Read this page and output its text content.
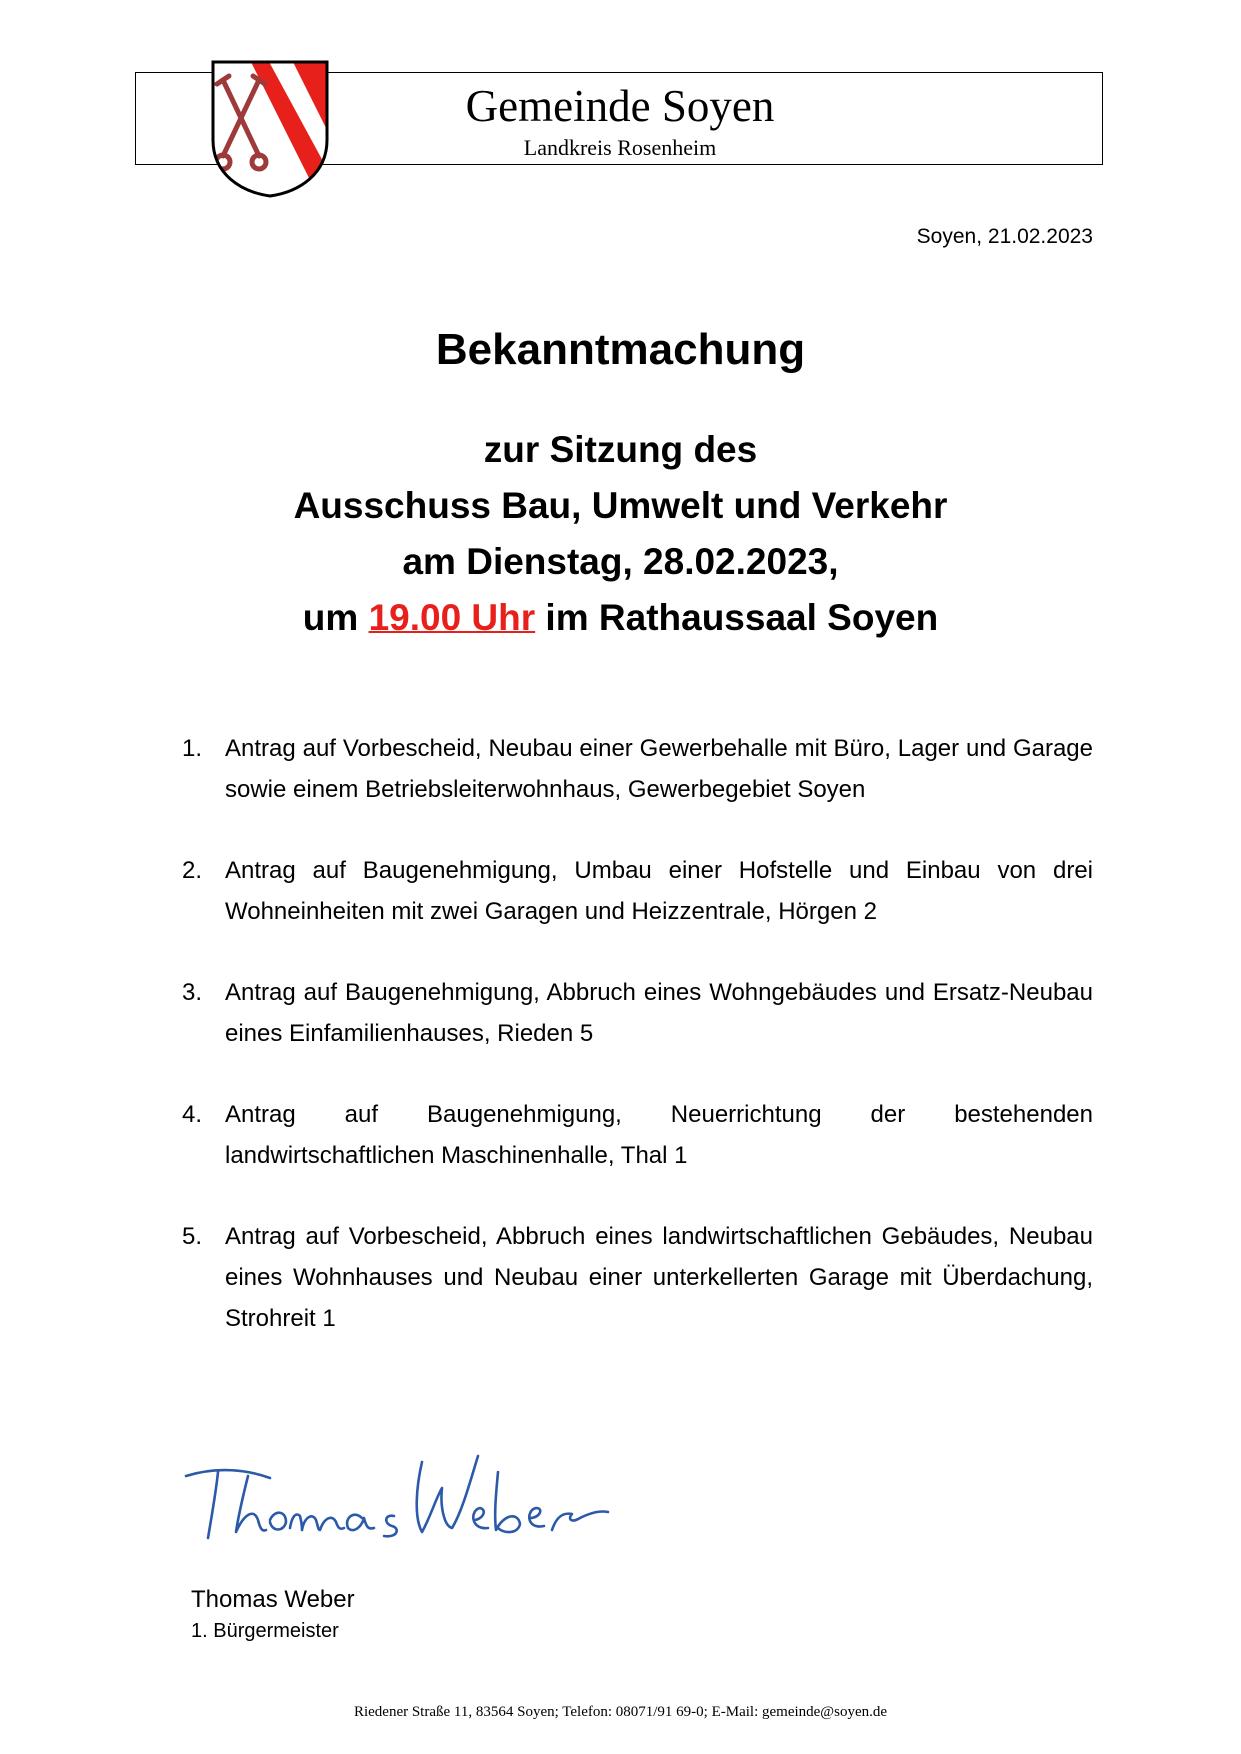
Gemeinde Soyen
Landkreis Rosenheim
Soyen, 21.02.2023
Bekanntmachung
zur Sitzung des
Ausschuss Bau, Umwelt und Verkehr
am Dienstag, 28.02.2023,
um 19.00 Uhr im Rathaussaal Soyen
1. Antrag auf Vorbescheid, Neubau einer Gewerbehalle mit Büro, Lager und Garage sowie einem Betriebsleiterwohnhaus, Gewerbegebiet Soyen
2. Antrag auf Baugenehmigung, Umbau einer Hofstelle und Einbau von drei Wohneinheiten mit zwei Garagen und Heizzentrale, Hörgen 2
3. Antrag auf Baugenehmigung, Abbruch eines Wohngebäudes und Ersatz-Neubau eines Einfamilienhauses, Rieden 5
4. Antrag auf Baugenehmigung, Neuerrichtung der bestehenden landwirtschaftlichen Maschinenhalle, Thal 1
5. Antrag auf Vorbescheid, Abbruch eines landwirtschaftlichen Gebäudes, Neubau eines Wohnhauses und Neubau einer unterkellerten Garage mit Überdachung, Strohreit 1
Thomas Weber
1. Bürgermeister
Riedener Straße 11, 83564 Soyen; Telefon: 08071/91 69-0; E-Mail: gemeinde@soyen.de
